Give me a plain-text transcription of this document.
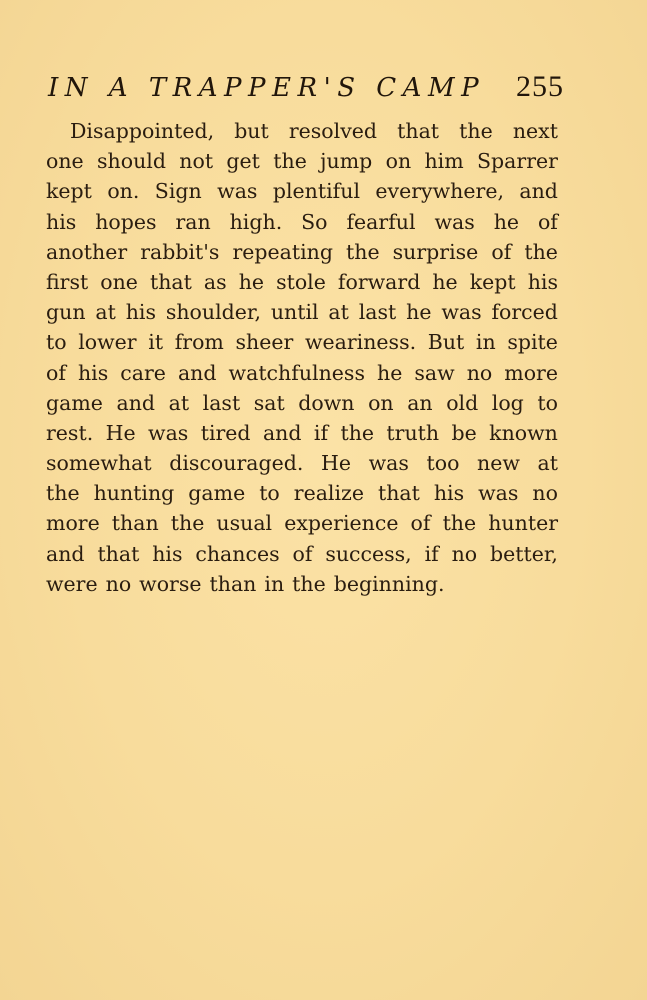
IN A TRAPPER'S CAMP 255
Disappointed, but resolved that the next
one should not get the jump on him Sparrer
kept on. Sign was plentiful everywhere, and
his hopes ran high. So fearful was he of
another rabbit's repeating the surprise of the
first one that as he stole forward he kept his
gun at his shoulder, until at last he was forced
to lower it from sheer weariness. But in spite
of his care and watchfulness he saw no more
game and at last sat down on an old log to
rest. He was tired and if the truth be known
somewhat discouraged. He was too new at
the hunting game to realize that his was no
more than the usual experience of the hunter
and that his chances of success, if no better,
were no worse than in the beginning.
